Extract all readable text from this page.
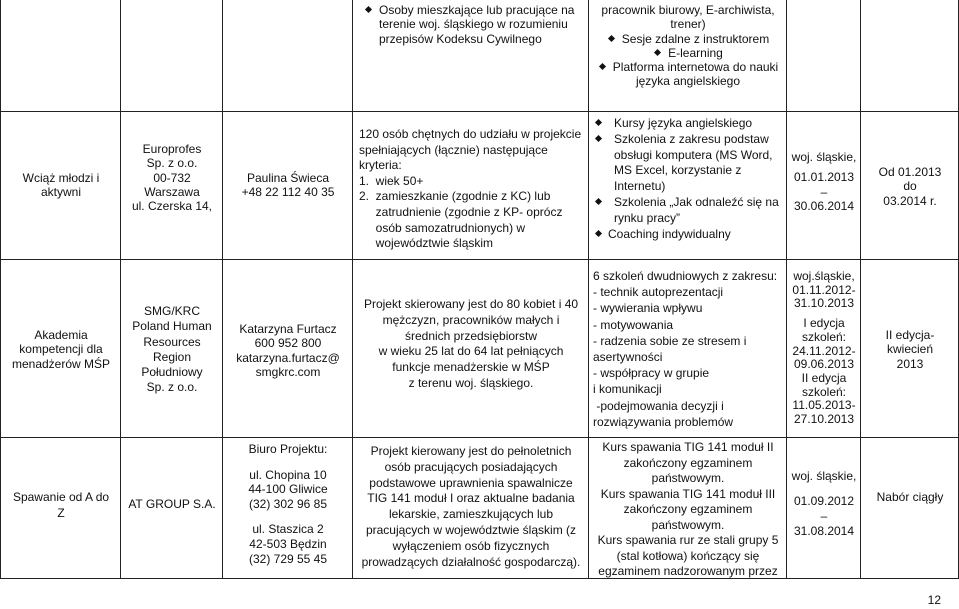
Osoby mieszkające lub pracujące na
terenie woj. śląskiego w rozumieniu
przepisów Kodeksu Cywilnego
pracownik biurowy, E-archiwista,
trener)
Sesje zdalne z instruktorem
E-learning
Platforma internetowa do nauki
języka angielskiego
Wciąż młodzi i
aktywni
Europrofes
Sp. z o.o.
00-732
Warszawa
ul. Czerska 14,
Paulina Świeca
+48 22 112 40 35
120 osób chętnych do udziału w projekcie
spełniających (łącznie) następujące
kryteria:
1.  wiek 50+
2.  zamieszkanie (zgodnie z KC) lub
zatrudnienie (zgodnie z KP- oprócz
osób samozatrudnionych) w
województwie śląskim
Kursy języka angielskiego
Szkolenia z zakresu podstaw
obsługi komputera (MS Word,
MS Excel, korzystanie z
Internetu)
Szkolenia „Jak odnaleźć się na
rynku pracy”
Coaching indywidualny
woj. śląskie,
01.01.2013
–
30.06.2014
Od 01.2013
do
03.2014 r.
Akademia
kompetencji dla
menadżerów MŚP
SMG/KRC
Poland Human
Resources
Region
Południowy
Sp. z o.o.
Katarzyna Furtacz
600 952 800
katarzyna.furtacz@
smgkrc.com
Projekt skierowany jest do 80 kobiet i 40
mężczyzn, pracowników małych i
średnich przedsiębiorstw
w wieku 25 lat do 64 lat pełniących
funkcje menadżerskie w MŚP
z terenu woj. śląskiego.
6 szkoleń dwudniowych z zakresu:
- technik autoprezentacji
- wywierania wpływu
- motywowania
- radzenia sobie ze stresem i
asertywności
- współpracy w grupie
i komunikacji
-podejmowania decyzji i
rozwiązywania problemów
woj.śląskie,
01.11.2012-
31.10.2013
I edycja
szkoleń:
24.11.2012-
09.06.2013
II edycja
szkoleń:
11.05.2013-
27.10.2013
II edycja-
kwiecień
2013
Spawanie od A do
Z
AT GROUP S.A.
Biuro Projektu:
ul. Chopina 10
44-100 Gliwice
(32) 302 96 85
ul. Staszica 2
42-503 Będzin
(32) 729 55 45
Projekt kierowany jest do pełnoletnich
osób pracujących posiadających
podstawowe uprawnienia spawalnicze
TIG 141 moduł I oraz aktualne badania
lekarskie, zamieszkujących lub
pracujących w województwie śląskim (z
wyłączeniem osób fizycznych
prowadzących działalność gospodarczą).
Kurs spawania TIG 141 moduł II
zakończony egzaminem
państwowym.
Kurs spawania TIG 141 moduł III
zakończony egzaminem
państwowym.
Kurs spawania rur ze stali grupy 5
(stal kotłowa) kończący się
egzaminem nadzorowanym przez
woj. śląskie,
01.09.2012
–
31.08.2014
Nabór ciągły
12
